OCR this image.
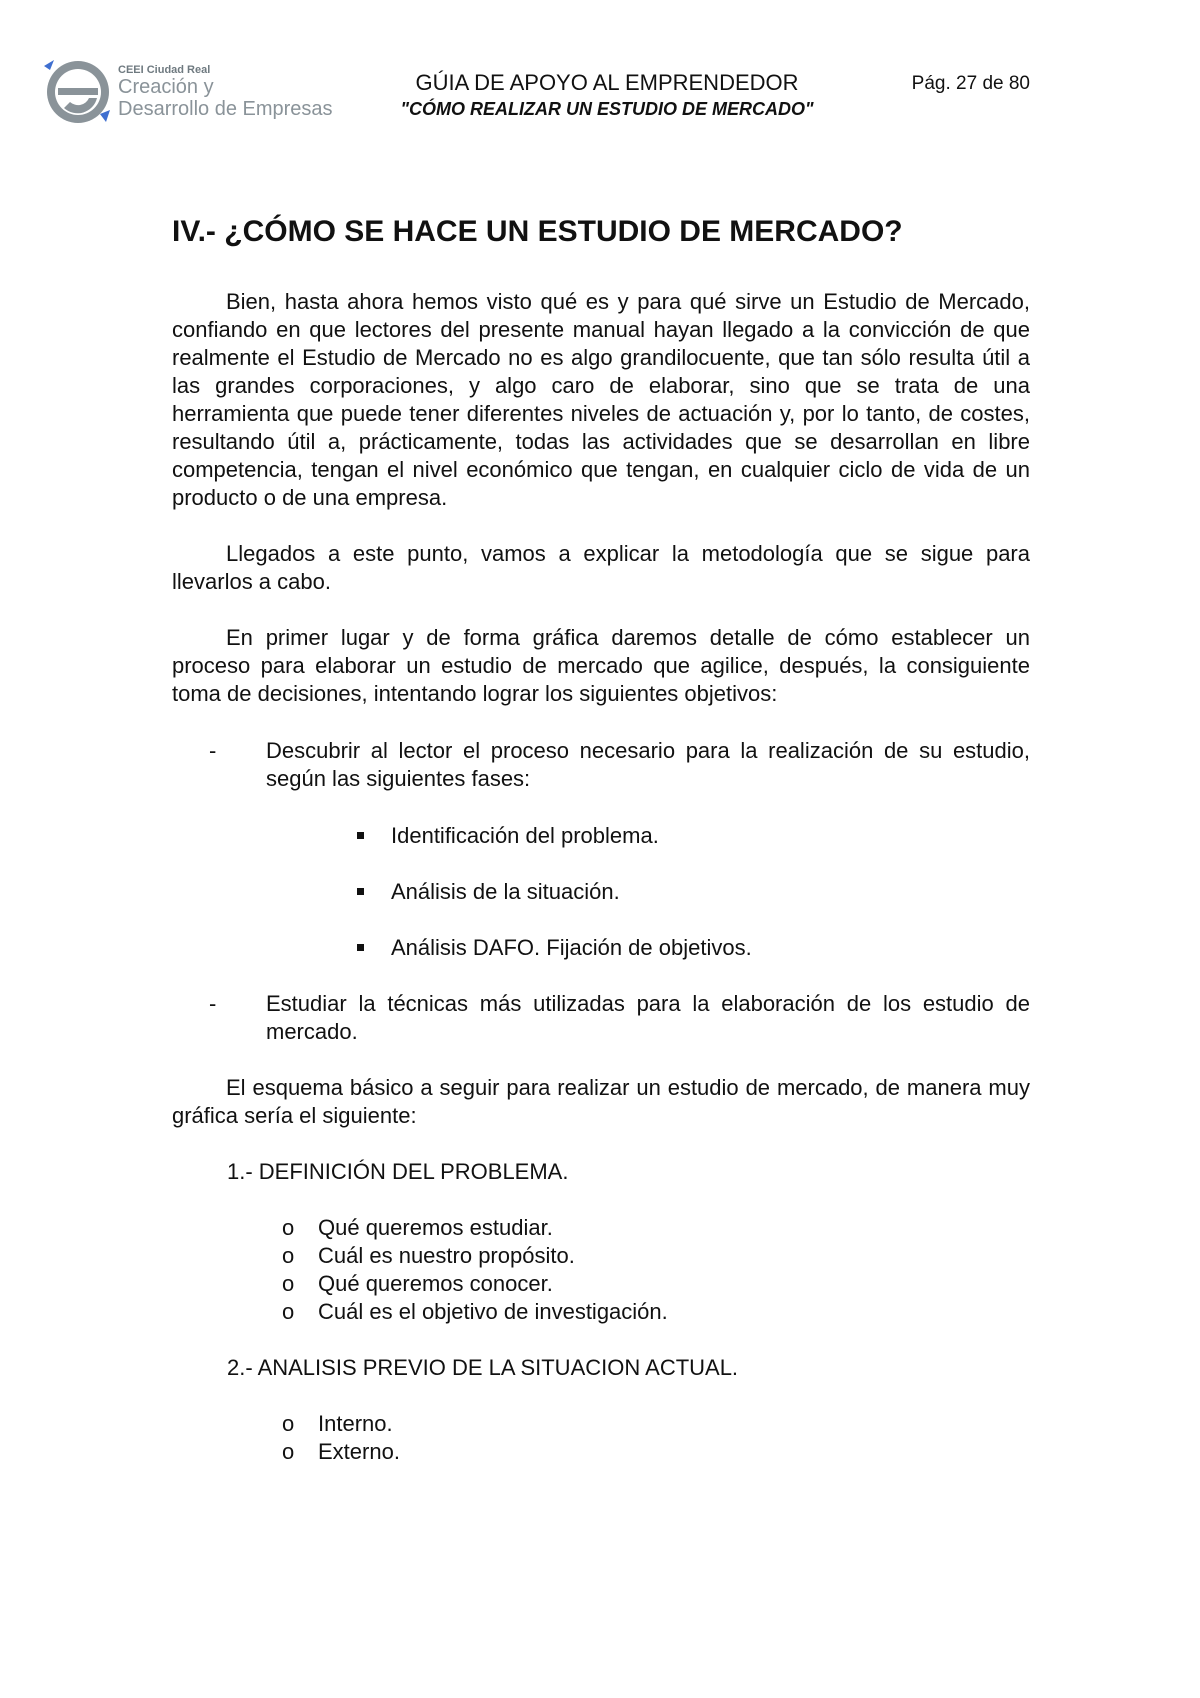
CEEI Ciudad Real
Creación y
Desarrollo de Empresas
GÚIA DE APOYO AL EMPRENDEDOR
"CÓMO REALIZAR UN ESTUDIO DE MERCADO"
Pág. 27 de 80
IV.- ¿CÓMO SE HACE UN ESTUDIO DE MERCADO?
Bien, hasta ahora hemos visto qué es y para qué sirve un Estudio de Mercado, confiando en que lectores del presente manual hayan llegado a la convicción de que realmente el Estudio de Mercado no es algo grandilocuente, que tan sólo resulta útil a las grandes corporaciones, y algo caro de elaborar, sino que se trata de una herramienta que puede tener diferentes niveles de actuación y, por lo tanto, de costes, resultando útil a, prácticamente, todas las actividades que se desarrollan en libre competencia, tengan el nivel económico que tengan, en cualquier ciclo de vida de un producto o de una empresa.
Llegados a este punto, vamos a explicar la metodología que se sigue para llevarlos a cabo.
En primer lugar y de forma gráfica daremos detalle de cómo establecer un proceso para elaborar un estudio de mercado que agilice, después, la consiguiente toma de decisiones, intentando lograr los siguientes objetivos:
- Descubrir al lector el proceso necesario para la realización de su estudio, según las siguientes fases:
Identificación del problema.
Análisis de la situación.
Análisis DAFO. Fijación de objetivos.
- Estudiar la técnicas más utilizadas para la elaboración de los estudio de mercado.
El esquema básico a seguir para realizar un estudio de mercado, de manera muy gráfica sería el siguiente:
1.- DEFINICIÓN DEL PROBLEMA.
o Qué queremos estudiar.
o Cuál es nuestro propósito.
o Qué queremos conocer.
o Cuál es el objetivo de investigación.
2.- ANALISIS PREVIO DE LA SITUACION ACTUAL.
o Interno.
o Externo.
